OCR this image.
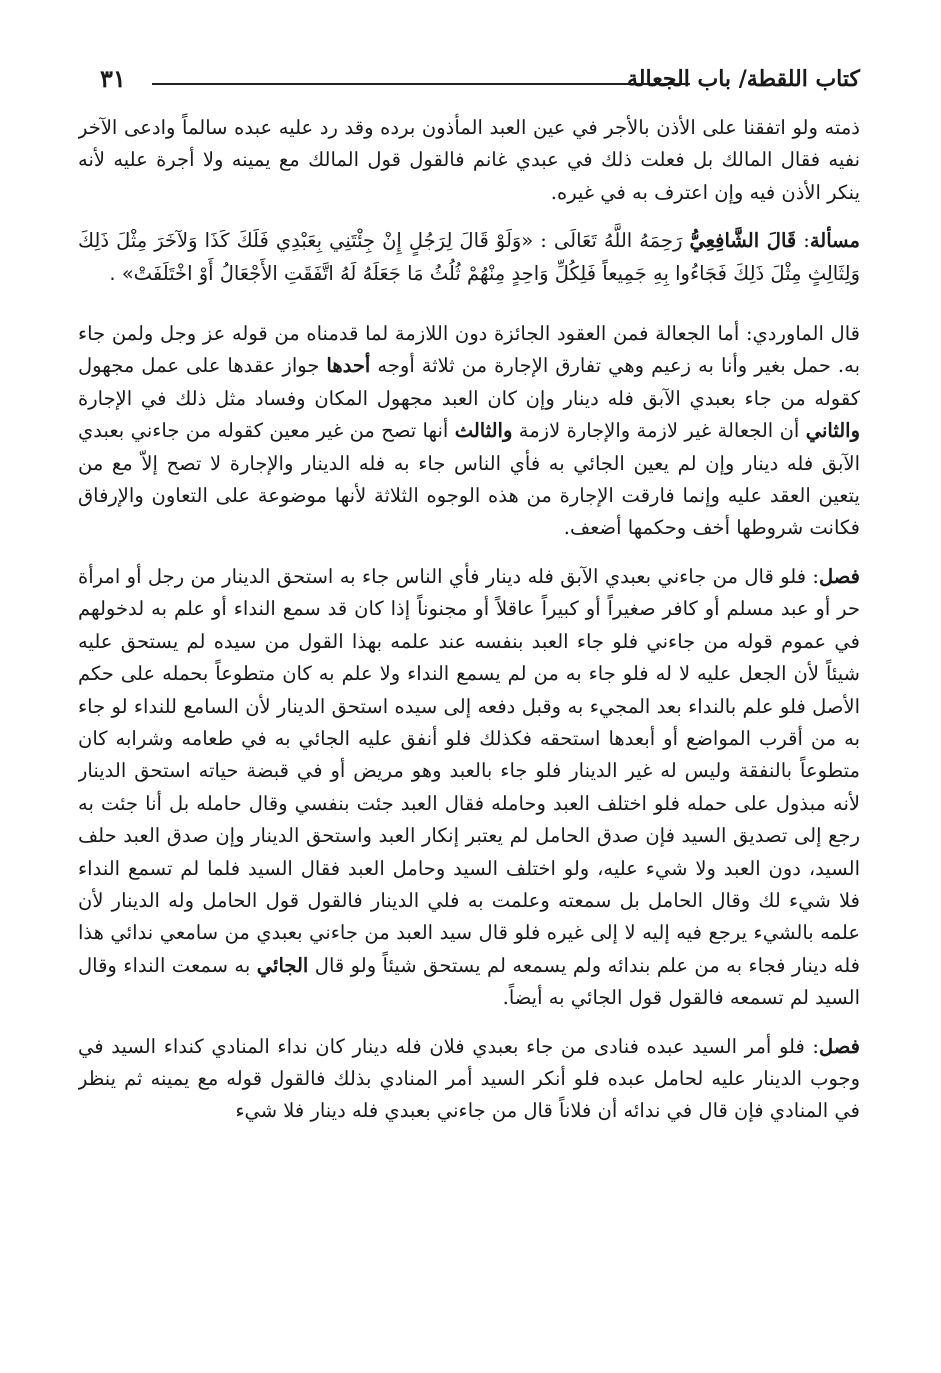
٣١	كتاب اللقطة/ باب الجعالة

ذمته ولو اتفقنا على الأذن بالأجر في عين العبد المأذون برده وقد رد عليه عبده سالماً وادعى الآخر نفيه فقال المالك بل فعلت ذلك في عبدي غانم فالقول قول المالك مع يمينه ولا أجرة عليه لأنه ينكر الأذن فيه وإن اعترف به في غيره.

مسألة: قَالَ الشَّافِعِيُّ رَحِمَهُ اللَّهُ تَعَالَى : «وَلَوْ قَالَ لِرَجُلٍ إِنْ جِئْتَنِي بِعَبْدِي فَلَكَ كَذَا وَلآخَرَ مِثْلَ ذَلِكَ وَلِثَالِثٍ مِثْلَ ذَلِكَ فَجَاءُوا بِهِ جَمِيعاً فَلِكُلِّ وَاحِدٍ مِنْهُمْ ثُلُثُ مَا جَعَلَهُ لَهُ اتَّفَقَتِ الأَجْعَالُ أَوْ اخْتَلَفَتْ» .

قال الماوردي: أما الجعالة فمن العقود الجائزة دون اللازمة لما قدمناه من قوله عز وجل ولمن جاء به. حمل بغير وأنا به زعيم وهي تفارق الإجارة من ثلاثة أوجه أحدها جواز عقدها على عمل مجهول كقوله من جاء بعبدي الآبق فله دينار وإن كان العبد مجهول المكان وفساد مثل ذلك في الإجارة والثاني أن الجعالة غير لازمة والإجارة لازمة والثالث أنها تصح من غير معين كقوله من جاءني بعبدي الآبق فله دينار وإن لم يعين الجائي به فأي الناس جاء به فله الدينار والإجارة لا تصح إلاّ مع من يتعين العقد عليه وإنما فارقت الإجارة من هذه الوجوه الثلاثة لأنها موضوعة على التعاون والإرفاق فكانت شروطها أخف وحكمها أضعف.

فصل: فلو قال من جاءني بعبدي الآبق فله دينار فأي الناس جاء به استحق الدينار من رجل أو امرأة حر أو عبد مسلم أو كافر صغيراً أو كبيراً عاقلاً أو مجنوناً إذا كان قد سمع النداء أو علم به لدخولهم في عموم قوله من جاءني فلو جاء العبد بنفسه عند علمه بهذا القول من سيده لم يستحق عليه شيئاً لأن الجعل عليه لا له فلو جاء به من لم يسمع النداء ولا علم به كان متطوعاً بحمله على حكم الأصل فلو علم بالنداء بعد المجيء به وقبل دفعه إلى سيده استحق الدينار لأن السامع للنداء لو جاء به من أقرب المواضع أو أبعدها استحقه فكذلك فلو أنفق عليه الجائي به في طعامه وشرابه كان متطوعاً بالنفقة وليس له غير الدينار فلو جاء بالعبد وهو مريض أو في قبضة حياته استحق الدينار لأنه مبذول على حمله فلو اختلف العبد وحامله فقال العبد جئت بنفسي وقال حامله بل أنا جئت به رجع إلى تصديق السيد فإن صدق الحامل لم يعتبر إنكار العبد واستحق الدينار وإن صدق العبد حلف السيد، دون العبد ولا شيء عليه، ولو اختلف السيد وحامل العبد فقال السيد فلما لم تسمع النداء فلا شيء لك وقال الحامل بل سمعته وعلمت به فلي الدينار فالقول قول الحامل وله الدينار لأن علمه بالشيء يرجع فيه إليه لا إلى غيره فلو قال سيد العبد من جاءني بعبدي من سامعي ندائي هذا فله دينار فجاء به من علم بندائه ولم يسمعه لم يستحق شيئاً ولو قال الجائي به سمعت النداء وقال السيد لم تسمعه فالقول قول الجائي به أيضاً.

فصل: فلو أمر السيد عبده فنادى من جاء بعبدي فلان فله دينار كان نداء المنادي كنداء السيد في وجوب الدينار عليه لحامل عبده فلو أنكر السيد أمر المنادي بذلك فالقول قوله مع يمينه ثم ينظر في المنادي فإن قال في ندائه أن فلاناً قال من جاءني بعبدي فله دينار فلا شيء
